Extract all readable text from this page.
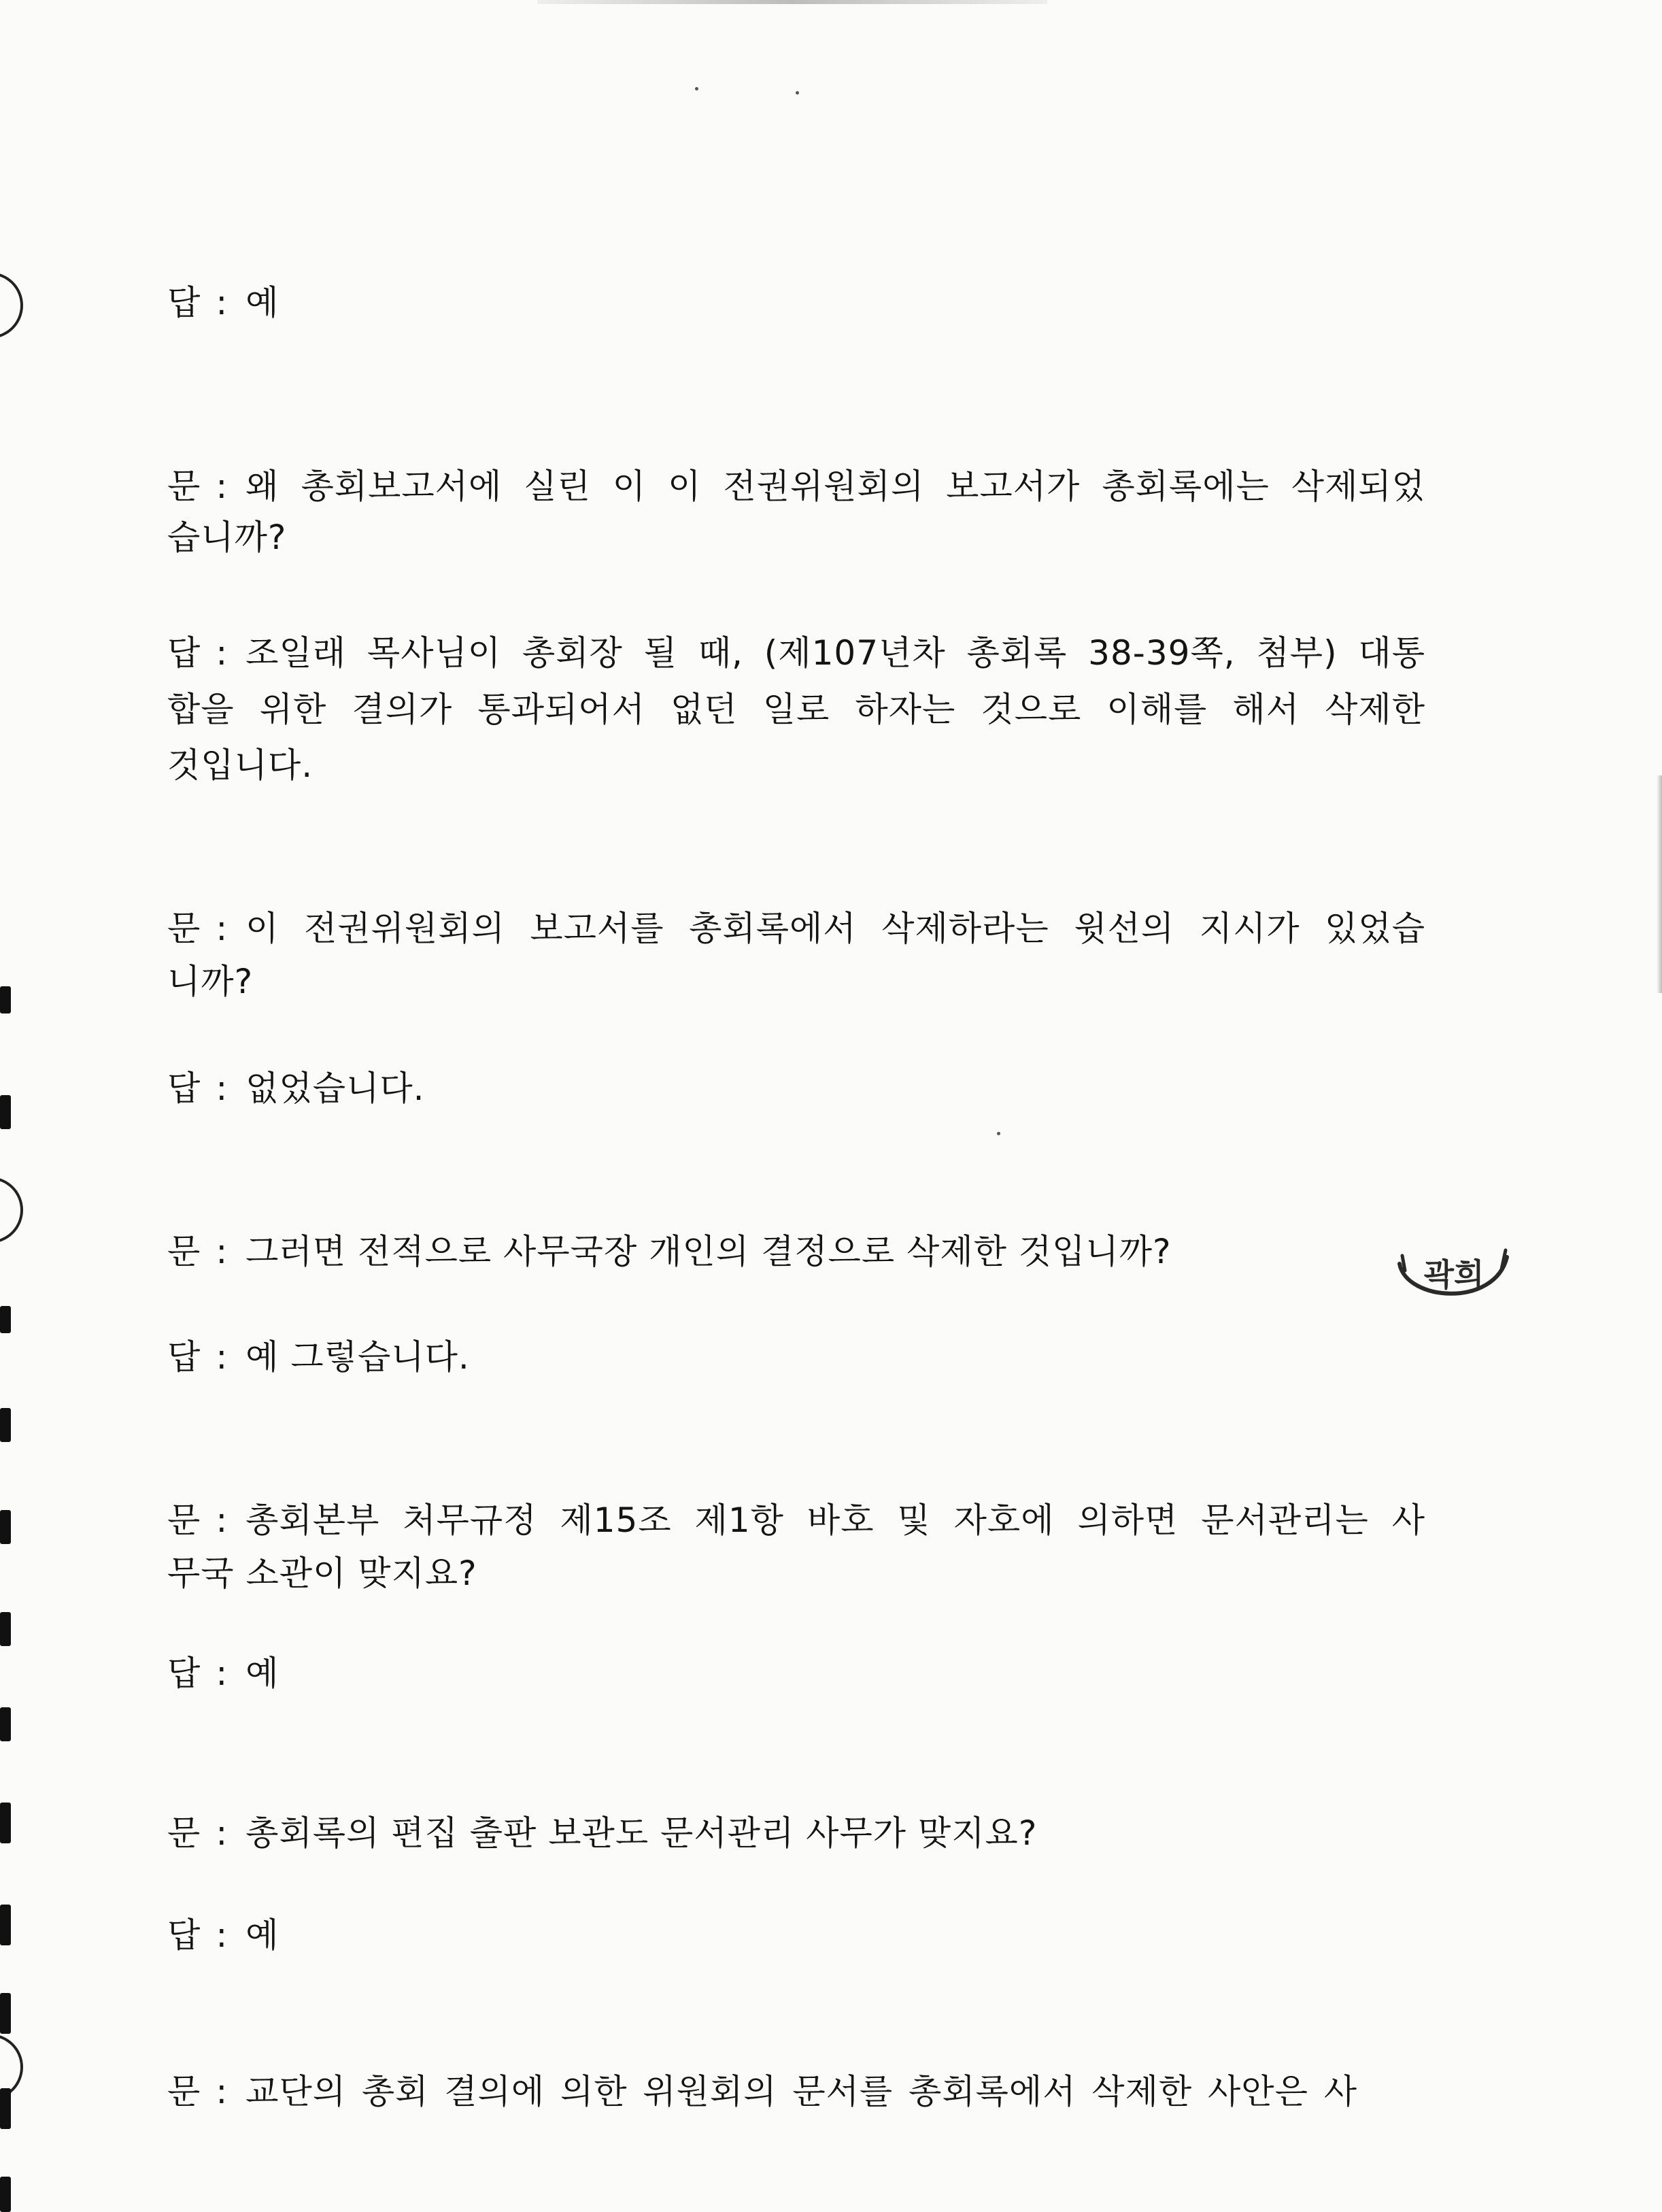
답 : 예
문 : 왜 총회보고서에 실린 이 이 전권위원회의 보고서가 총회록에는 삭제되었
습니까?
답 : 조일래 목사님이 총회장 될 때, (제107년차 총회록 38-39쪽, 첨부) 대통
합을 위한 결의가 통과되어서 없던 일로 하자는 것으로 이해를 해서 삭제한
것입니다.
문 : 이 전권위원회의 보고서를 총회록에서 삭제하라는 윗선의 지시가 있었습
니까?
답 : 없었습니다.
문 : 그러면 전적으로 사무국장 개인의 결정으로 삭제한 것입니까?
답 : 예 그렇습니다.
문 : 총회본부 처무규정 제15조 제1항 바호 및 자호에 의하면 문서관리는 사
무국 소관이 맞지요?
답 : 예
문 : 총회록의 편집 출판 보관도 문서관리 사무가 맞지요?
답 : 예
문 : 교단의 총회 결의에 의한 위원회의 문서를 총회록에서 삭제한 사안은 사
곽희
